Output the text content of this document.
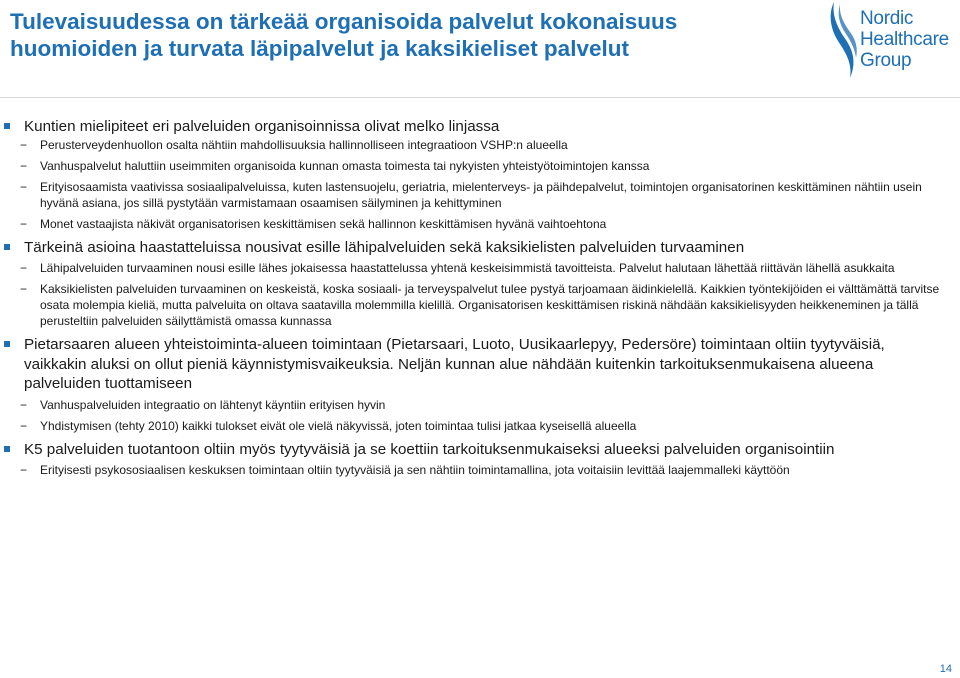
Tulevaisuudessa on tärkeää organisoida palvelut kokonaisuus
huomioiden ja turvata läpipalvelut ja kaksikieliset palvelut
Nordic
Healthcare
Group
Kuntien mielipiteet eri palveluiden organisoinnissa olivat melko linjassa
− Perusterveydenhuollon osalta nähtiin mahdollisuuksia hallinnolliseen integraatioon VSHP:n alueella
− Vanhuspalvelut haluttiin useimmiten organisoida kunnan omasta toimesta tai nykyisten yhteistyötoimintojen kanssa
− Erityisosaamista vaativissa sosiaalipalveluissa, kuten lastensuojelu, geriatria, mielenterveys- ja päihdepalvelut, toimintojen organisatorinen keskittäminen nähtiin usein hyvänä asiana, jos sillä pystytään varmistamaan osaamisen säilyminen ja kehittyminen
− Monet vastaajista näkivät organisatorisen keskittämisen sekä hallinnon keskittämisen hyvänä vaihtoehtona
Tärkeinä asioina haastatteluissa nousivat esille lähipalveluiden sekä kaksikielisten palveluiden turvaaminen
− Lähipalveluiden turvaaminen nousi esille lähes jokaisessa haastattelussa yhtenä keskeisimmistä tavoitteista. Palvelut halutaan lähettää riittävän lähellä asukkaita
− Kaksikielisten palveluiden turvaaminen on keskeistä, koska sosiaali- ja terveyspalvelut tulee pystyä tarjoamaan äidinkielellä. Kaikkien työntekijöiden ei välttämättä tarvitse osata molempia kieliä, mutta palveluita on oltava saatavilla molemmilla kielillä. Organisatorisen keskittämisen riskinä nähdään kaksikielisyyden heikkeneminen ja tällä perusteltiin palveluiden säilyttämistä omassa kunnassa
Pietarsaaren alueen yhteistoiminta-alueen toimintaan (Pietarsaari, Luoto, Uusikaarlepyy, Pedersöre) toimintaan oltiin tyytyväisiä, vaikkakin aluksi on ollut pieniä käynnistymisvaikeuksia. Neljän kunnan alue nähdään kuitenkin tarkoituksenmukaisena alueena palveluiden tuottamiseen
− Vanhuspalveluiden integraatio on lähtenyt käyntiin erityisen hyvin
− Yhdistymisen (tehty 2010) kaikki tulokset eivät ole vielä näkyvissä, joten toimintaa tulisi jatkaa kyseisellä alueella
K5 palveluiden tuotantoon oltiin myös tyytyväisiä ja se koettiin tarkoituksenmukaiseksi alueeksi palveluiden organisointiin
− Erityisesti psykososiaalisen keskuksen toimintaan oltiin tyytyväisiä ja sen nähtiin toimintamallina, jota voitaisiin levittää laajemmalleki käyttöön
14
